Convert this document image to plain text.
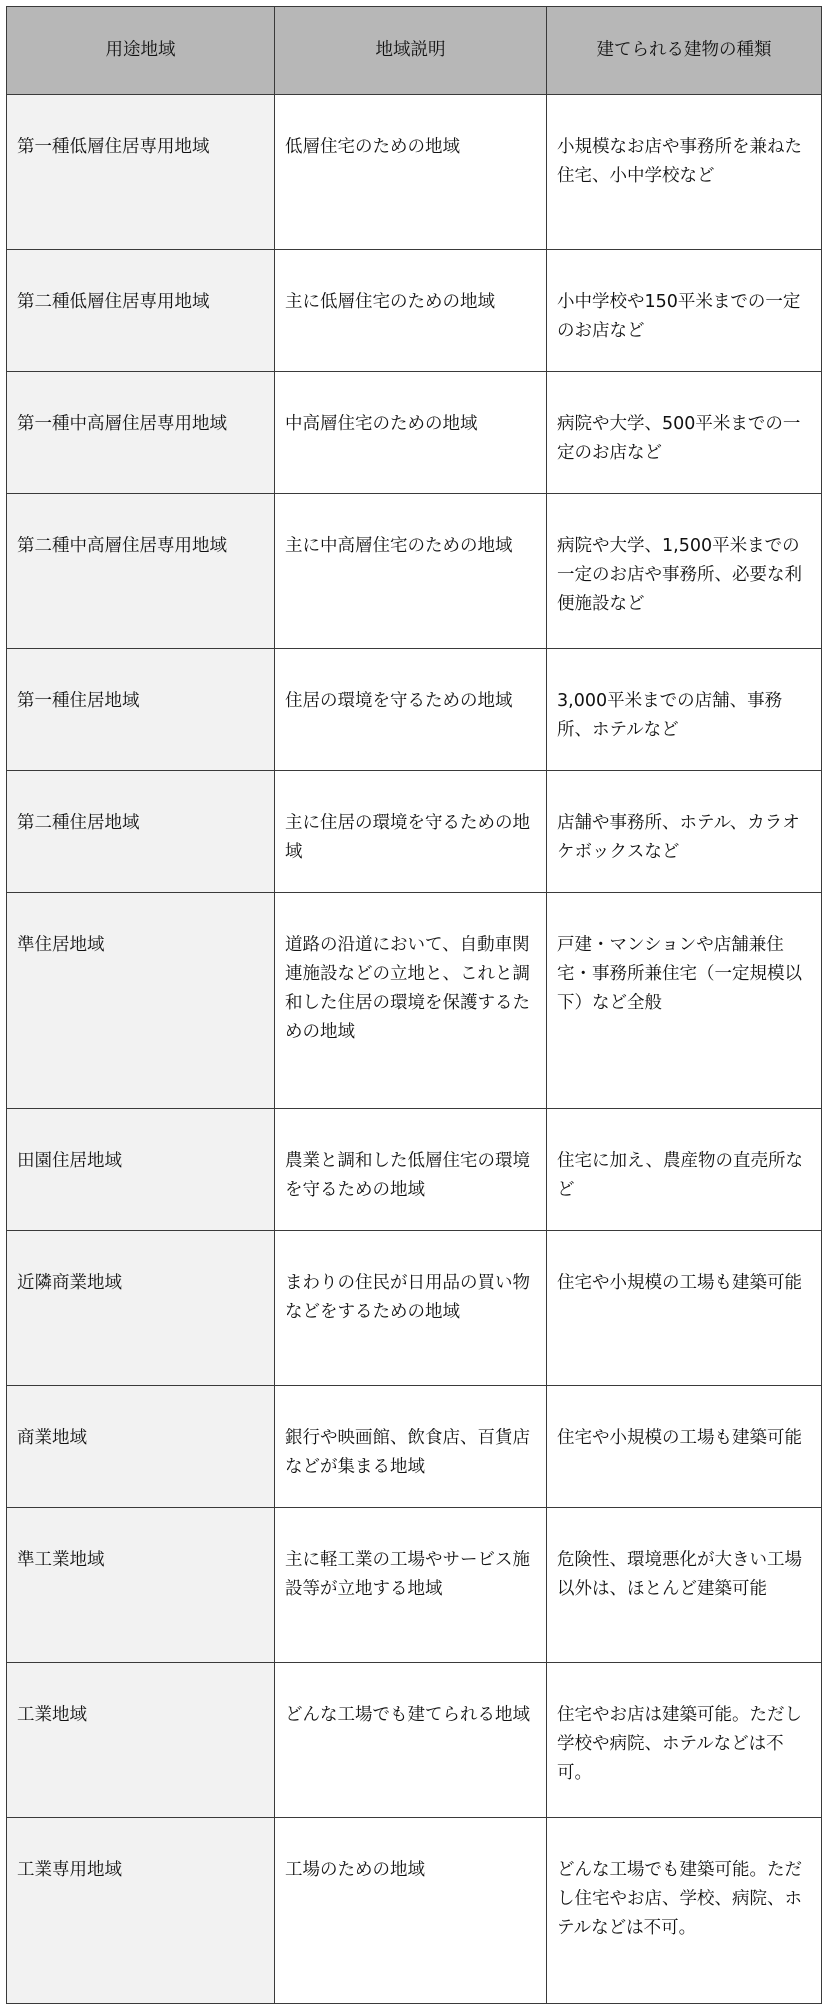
用途地域	地域説明	建てられる建物の種類
第一種低層住居専用地域	低層住宅のための地域	小規模なお店や事務所を兼ねた住宅、小中学校など
第二種低層住居専用地域	主に低層住宅のための地域	小中学校や150平米までの一定のお店など
第一種中高層住居専用地域	中高層住宅のための地域	病院や大学、500平米までの一定のお店など
第二種中高層住居専用地域	主に中高層住宅のための地域	病院や大学、1,500平米までの一定のお店や事務所、必要な利便施設など
第一種住居地域	住居の環境を守るための地域	3,000平米までの店舗、事務所、ホテルなど
第二種住居地域	主に住居の環境を守るための地域	店舗や事務所、ホテル、カラオケボックスなど
準住居地域	道路の沿道において、自動車関連施設などの立地と、これと調和した住居の環境を保護するための地域	戸建・マンションや店舗兼住宅・事務所兼住宅（一定規模以下）など全般
田園住居地域	農業と調和した低層住宅の環境を守るための地域	住宅に加え、農産物の直売所など
近隣商業地域	まわりの住民が日用品の買い物などをするための地域	住宅や小規模の工場も建築可能
商業地域	銀行や映画館、飲食店、百貨店などが集まる地域	住宅や小規模の工場も建築可能
準工業地域	主に軽工業の工場やサービス施設等が立地する地域	危険性、環境悪化が大きい工場以外は、ほとんど建築可能
工業地域	どんな工場でも建てられる地域	住宅やお店は建築可能。ただし学校や病院、ホテルなどは不可。
工業専用地域	工場のための地域	どんな工場でも建築可能。ただし住宅やお店、学校、病院、ホテルなどは不可。
